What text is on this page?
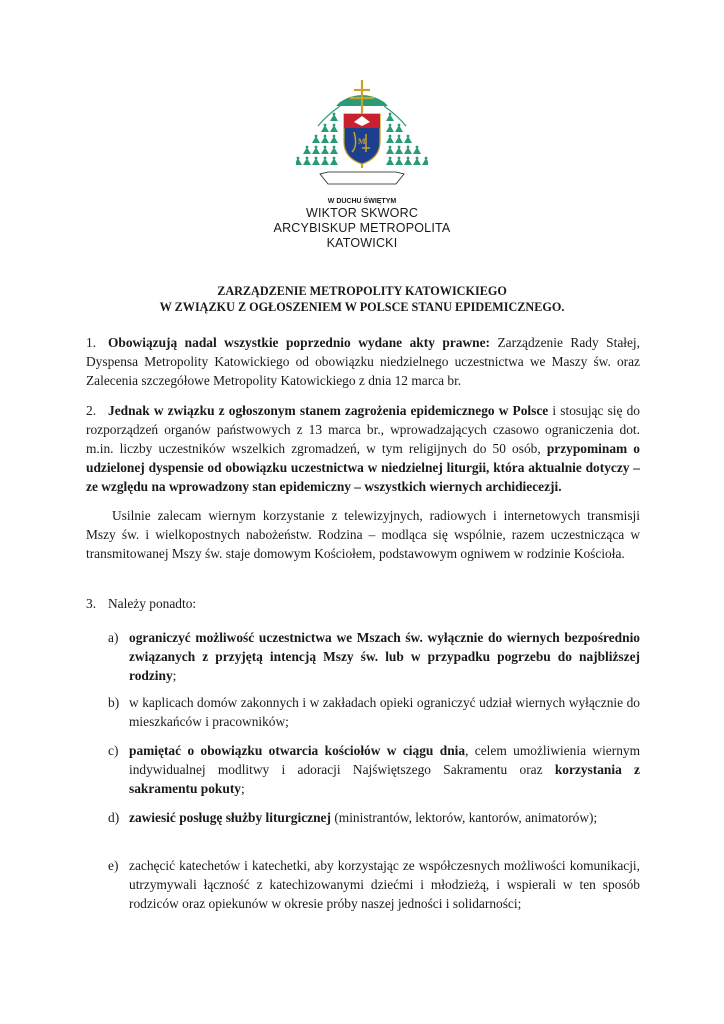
M
W DUCHU ŚWIĘTYM
WIKTOR SKWORC
ARCYBISKUP METROPOLITA
KATOWICKI
ZARZĄDZENIE METROPOLITY KATOWICKIEGO
W ZWIĄZKU Z OGŁOSZENIEM W POLSCE STANU EPIDEMICZNEGO.
1. Obowiązują nadal wszystkie poprzednio wydane akty prawne: Zarządzenie Rady Stałej, Dyspensa Metropolity Katowickiego od obowiązku niedzielnego uczestnictwa we Maszy św. oraz Zalecenia szczegółowe Metropolity Katowickiego z dnia 12 marca br.
2. Jednak w związku z ogłoszonym stanem zagrożenia epidemicznego w Polsce i stosując się do rozporządzeń organów państwowych z 13 marca br., wprowadzających czasowo ograniczenia dot. m.in. liczby uczestników wszelkich zgromadzeń, w tym religijnych do 50 osób, przypominam o udzielonej dyspensie od obowiązku uczestnictwa w niedzielnej liturgii, która aktualnie dotyczy – ze względu na wprowadzony stan epidemiczny – wszystkich wiernych archidiecezji.
Usilnie zalecam wiernym korzystanie z telewizyjnych, radiowych i internetowych transmisji Mszy św. i wielkopostnych nabożeństw. Rodzina – modląca się wspólnie, razem uczestnicząca w transmitowanej Mszy św. staje domowym Kościołem, podstawowym ogniwem w rodzinie Kościoła.
3. Należy ponadto:
a) ograniczyć możliwość uczestnictwa we Mszach św. wyłącznie do wiernych bezpośrednio związanych z przyjętą intencją Mszy św. lub w przypadku pogrzebu do najbliższej rodziny;
b) w kaplicach domów zakonnych i w zakładach opieki ograniczyć udział wiernych wyłącznie do mieszkańców i pracowników;
c) pamiętać o obowiązku otwarcia kościołów w ciągu dnia, celem umożliwienia wiernym indywidualnej modlitwy i adoracji Najświętszego Sakramentu oraz korzystania z sakramentu pokuty;
d) zawiesić posługę służby liturgicznej (ministrantów, lektorów, kantorów, animatorów);
e) zachęcić katechetów i katechetki, aby korzystając ze współczesnych możliwości komunikacji, utrzymywali łączność z katechizowanymi dziećmi i młodzieżą, i wspierali w ten sposób rodziców oraz opiekunów w okresie próby naszej jedności i solidarności;
